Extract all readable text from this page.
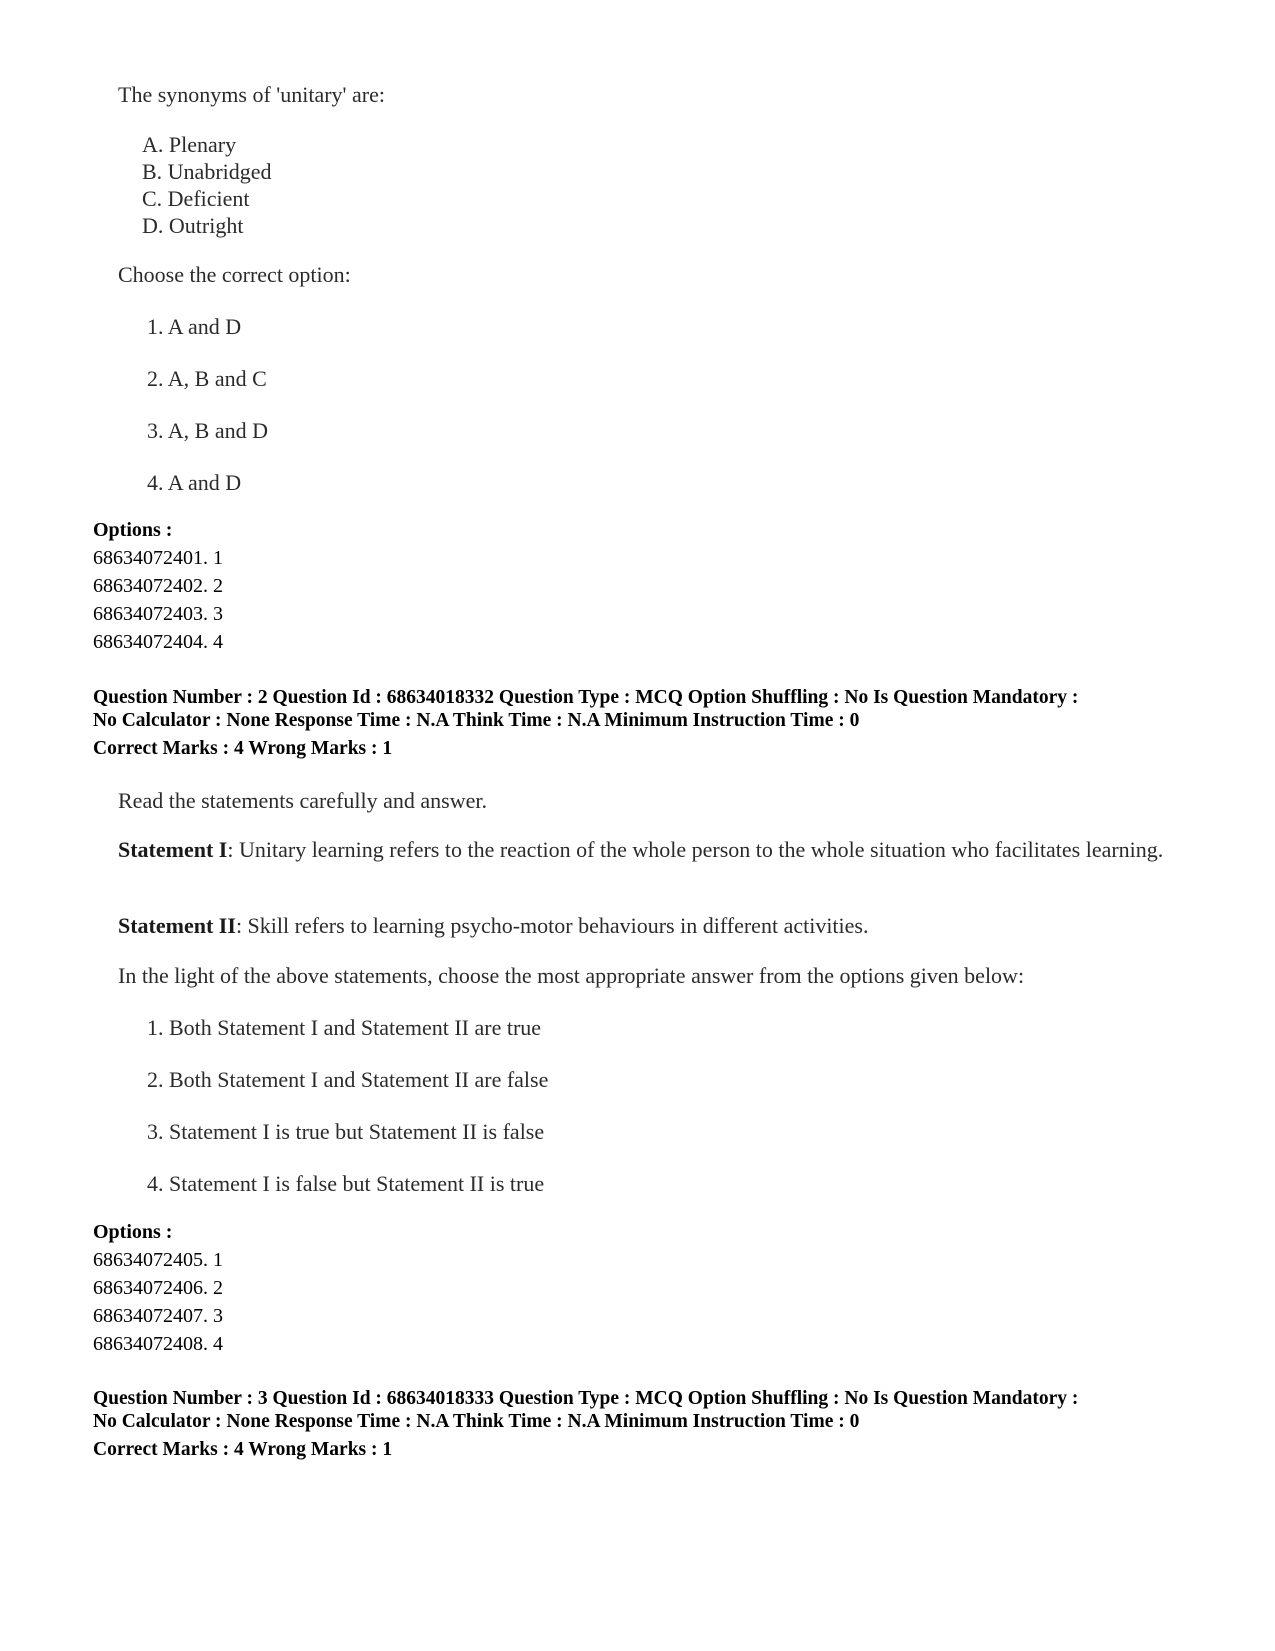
The synonyms of 'unitary' are:
A. Plenary
B. Unabridged
C. Deficient
D. Outright
Choose the correct option:
1. A and D
2. A, B and C
3. A, B and D
4. A and D
Options :
68634072401. 1
68634072402. 2
68634072403. 3
68634072404. 4
Question Number : 2 Question Id : 68634018332 Question Type : MCQ Option Shuffling : No Is Question Mandatory :
No Calculator : None Response Time : N.A Think Time : N.A Minimum Instruction Time : 0
Correct Marks : 4 Wrong Marks : 1
Read the statements carefully and answer.
Statement I: Unitary learning refers to the reaction of the whole person to the whole situation who facilitates learning.
Statement II: Skill refers to learning psycho-motor behaviours in different activities.
In the light of the above statements, choose the most appropriate answer from the options given below:
1. Both Statement I and Statement II are true
2. Both Statement I and Statement II are false
3. Statement I is true but Statement II is false
4. Statement I is false but Statement II is true
Options :
68634072405. 1
68634072406. 2
68634072407. 3
68634072408. 4
Question Number : 3 Question Id : 68634018333 Question Type : MCQ Option Shuffling : No Is Question Mandatory :
No Calculator : None Response Time : N.A Think Time : N.A Minimum Instruction Time : 0
Correct Marks : 4 Wrong Marks : 1
